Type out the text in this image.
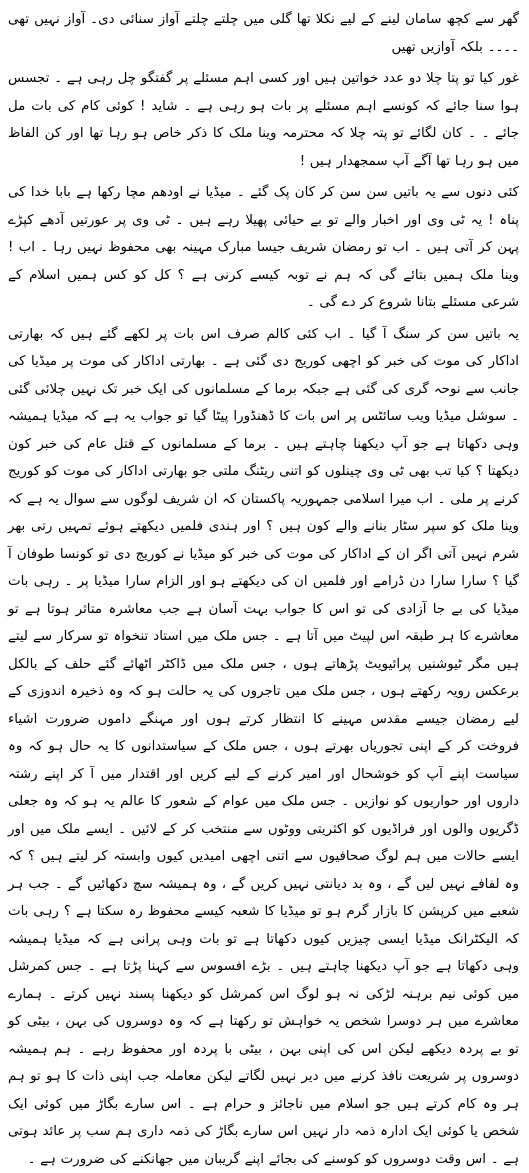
گھر سے کچھ سامان لینے کے لیے نکلا تھا گلی میں چلتے چلتے آواز سنائی دی۔ آواز نہیں تھی ۔۔۔۔ بلکہ آوازیں تھیں

غور کیا تو پتا چلا دو عدد خواتین ہیں اور کسی اہم مسئلے پر گفتگو چل رہی ہے ۔ تجسس ہوا سنا جائے کہ کونسے اہم مسئلے پر بات ہو رہی ہے ۔ شاید ! کوئی کام کی بات مل جائے ۔ ۔ کان لگائے تو پتہ چلا کہ محترمہ وینا ملک کا ذکر خاص ہو رہا تھا اور کن الفاظ میں ہو رہا تھا آگے آپ سمجھدار ہیں !

کئی دنوں سے یہ باتیں سن سن کر کان پک گئے ۔ میڈیا نے اودھم مچا رکھا ہے بابا خدا کی پناہ ! یہ ٹی وی اور اخبار والے تو بے حیائی پھیلا رہے ہیں ۔ ٹی وی پر عورتیں آدھے کپڑے پہن کر آتی ہیں ۔ اب تو رمضان شریف جیسا مبارک مہینہ بھی محفوظ نہیں رہا ۔ اب ! وینا ملک ہمیں بتائے گی کہ ہم نے توبہ کیسے کرنی ہے ؟ کل کو کس ہمیں اسلام کے شرعی مسئلے بتانا شروع کر دے گی ۔

یہ باتیں سن کر سنگ آ گیا ۔ اب کئی کالم صرف اس بات پر لکھے گئے ہیں کہ بھارتی اداکار کی موت کی خبر کو اچھی کوریج دی گئی ہے ۔ بھارتی اداکار کی موت پر میڈیا کی جانب سے نوحہ گری کی گئی ہے جبکہ برما کے مسلمانوں کی ایک خبر تک نہیں چلائی گئی ۔ سوشل میڈیا ویب سائٹس پر اس بات کا ڈھنڈورا پیٹا گیا تو جواب یہ ہے کہ میڈیا ہمیشہ وہی دکھاتا ہے جو آپ دیکھنا چاہتے ہیں ۔ برما کے مسلمانوں کے قتل عام کی خبر کون دیکھتا ؟ کیا تب بھی ٹی وی چینلوں کو اتنی ریٹنگ ملتی جو بھارتی اداکار کی موت کو کوریج کرنے پر ملی ۔ اب میرا اسلامی جمہوریہ پاکستان کہ ان شریف لوگوں سے سوال یہ ہے کہ وینا ملک کو سپر سٹار بنانے والے کون ہیں ؟ اور ہندی فلمیں دیکھتے ہوئے تمہیں رتی بھر شرم نہیں آتی اگر ان کے اداکار کی موت کی خبر کو میڈیا نے کوریج دی تو کونسا طوفان آ گیا ؟ سارا سارا دن ڈرامے اور فلمیں ان کی دیکھتے ہو اور الزام سارا میڈیا پر ۔ رہی بات میڈیا کی بے جا آزادی کی تو اس کا جواب بہت آسان ہے جب معاشرہ متاثر ہوتا ہے تو معاشرے کا ہر طبقہ اس لپیٹ میں آتا ہے ۔ جس ملک میں استاد تنخواہ تو سرکار سے لیتے ہیں مگر ٹیوشنیں پرائیویٹ پڑھاتے ہوں ، جس ملک میں ڈاکٹر اٹھائے گئے حلف کے بالکل برعکس رویہ رکھتے ہوں ، جس ملک میں تاجروں کی یہ حالت ہو کہ وہ ذخیرہ اندوزی کے لیے رمضان جیسے مقدس مہینے کا انتظار کرتے ہوں اور مہنگے داموں ضرورت اشیاء فروخت کر کے اپنی تجوریاں بھرتے ہوں ، جس ملک کے سیاستدانوں کا یہ حال ہو کہ وہ سیاست اپنے آپ کو خوشحال اور امیر کرنے کے لیے کریں اور اقتدار میں آ کر اپنے رشتہ داروں اور حواریوں کو نوازیں ۔ جس ملک میں عوام کے شعور کا عالم یہ ہو کہ وہ جعلی ڈگریوں والوں اور فراڈیوں کو اکثریتی ووٹوں سے منتخب کر کے لائیں ۔ ایسے ملک میں اور ایسے حالات میں ہم لوگ صحافیوں سے اتنی اچھی امیدیں کیوں وابستہ کر لیتے ہیں ؟ کہ وہ لفافے نہیں لیں گے ، وہ بد دیانتی نہیں کریں گے ، وہ ہمیشہ سچ دکھائیں گے ۔ جب ہر شعبے میں کرپشن کا بازار گرم ہو تو میڈیا کا شعبہ کیسے محفوظ رہ سکتا ہے ؟ رہی بات کہ الیکٹرانک میڈیا ایسی چیزیں کیوں دکھاتا ہے تو بات وہی پرانی ہے کہ میڈیا ہمیشہ وہی دکھاتا ہے جو آپ دیکھنا چاہتے ہیں ۔ بڑے افسوس سے کہنا پڑتا ہے ۔ جس کمرشل میں کوئی نیم برہنہ لڑکی نہ ہو لوگ اس کمرشل کو دیکھنا پسند نہیں کرتے ۔ ہمارے معاشرے میں ہر دوسرا شخص یہ خواہش تو رکھتا ہے کہ وہ دوسروں کی بہن ، بیٹی کو تو بے پردہ دیکھے لیکن اس کی اپنی بہن ، بیٹی با پردہ اور محفوظ رہے ۔ ہم ہمیشہ دوسروں پر شریعت نافذ کرنے میں دیر نہیں لگاتے لیکن معاملہ جب اپنی ذات کا ہو تو ہم ہر وہ کام کرتے ہیں جو اسلام میں ناجائز و حرام ہے ۔ اس سارے بگاڑ میں کوئی ایک شخص یا کوئی ایک ادارہ ذمہ دار نہیں اس سارے بگاڑ کی ذمہ داری ہم سب پر عائد ہوتی ہے ۔ اس وقت دوسروں کو کوسنے کی بجائے اپنے گریبان میں جھانکنے کی ضرورت ہے ۔
